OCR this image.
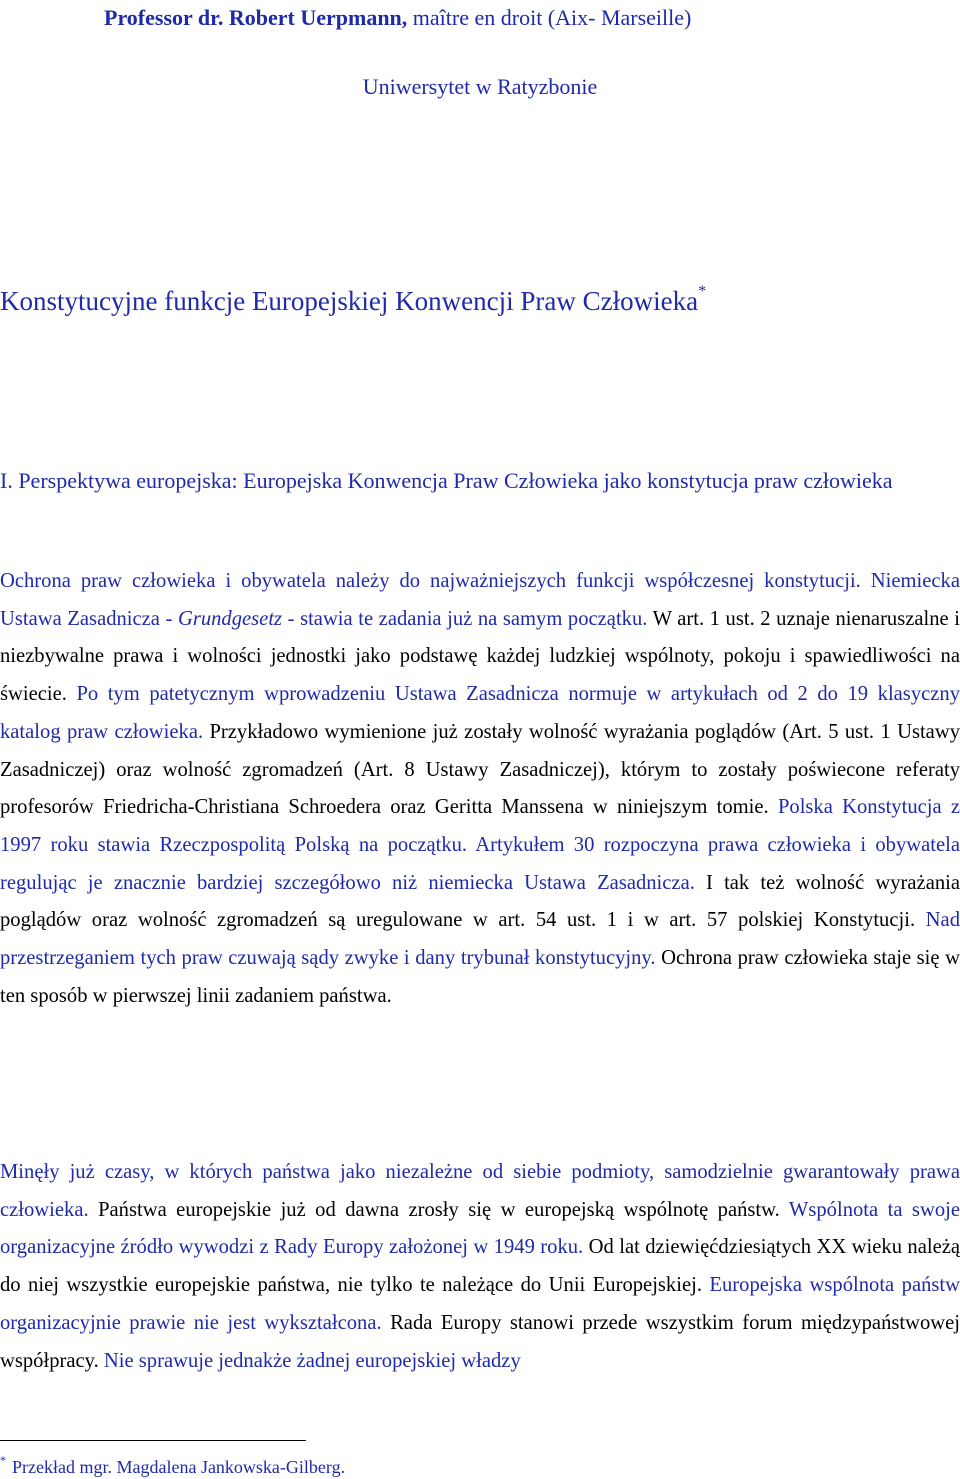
Professor dr. Robert Uerpmann, maître en droit (Aix- Marseille)
Uniwersytet w Ratyzbonie
Konstytucyjne funkcje Europejskiej Konwencji Praw Człowieka*
I. Perspektywa europejska: Europejska Konwencja Praw Człowieka jako konstytucja praw człowieka
Ochrona praw człowieka i obywatela należy do najważniejszych funkcji współczesnej konstytucji. Niemiecka Ustawa Zasadnicza - Grundgesetz - stawia te zadania już na samym początku. W art. 1 ust. 2 uznaje nienaruszalne i niezbywalne prawa i wolności jednostki jako podstawę każdej ludzkiej wspólnoty, pokoju i spawiedliwości na świecie. Po tym patetycznym wprowadzeniu Ustawa Zasadnicza normuje w artykułach od 2 do 19 klasyczny katalog praw człowieka. Przykładowo wymienione już zostały wolność wyrażania poglądów (Art. 5 ust. 1 Ustawy Zasadniczej) oraz wolność zgromadzeń (Art. 8 Ustawy Zasadniczej), którym to zostały poświecone referaty profesorów Friedricha-Christiana Schroedera oraz Geritta Manssena w niniejszym tomie. Polska Konstytucja z 1997 roku stawia Rzeczpospolitą Polską na początku. Artykułem 30 rozpoczyna prawa człowieka i obywatela regulując je znacznie bardziej szczegółowo niż niemiecka Ustawa Zasadnicza. I tak też wolność wyrażania poglądów oraz wolność zgromadzeń są uregulowane w art. 54 ust. 1 i w art. 57 polskiej Konstytucji. Nad przestrzeganiem tych praw czuwają sądy zwyke i dany trybunał konstytucyjny. Ochrona praw człowieka staje się w ten sposób w pierwszej linii zadaniem państwa.
Minęły już czasy, w których państwa jako niezależne od siebie podmioty, samodzielnie gwarantowały prawa człowieka. Państwa europejskie już od dawna zrosły się w europejską wspólnotę państw. Wspólnota ta swoje organizacyjne źródło wywodzi z Rady Europy założonej w 1949 roku. Od lat dziewięćdziesiątych XX wieku należą do niej wszystkie europejskie państwa, nie tylko te należące do Unii Europejskiej. Europejska wspólnota państw organizacyjnie prawie nie jest wykształcona. Rada Europy stanowi przede wszystkim forum międzypaństwowej współpracy. Nie sprawuje jednakże żadnej europejskiej władzy
* Przekład mgr. Magdalena Jankowska-Gilberg.
